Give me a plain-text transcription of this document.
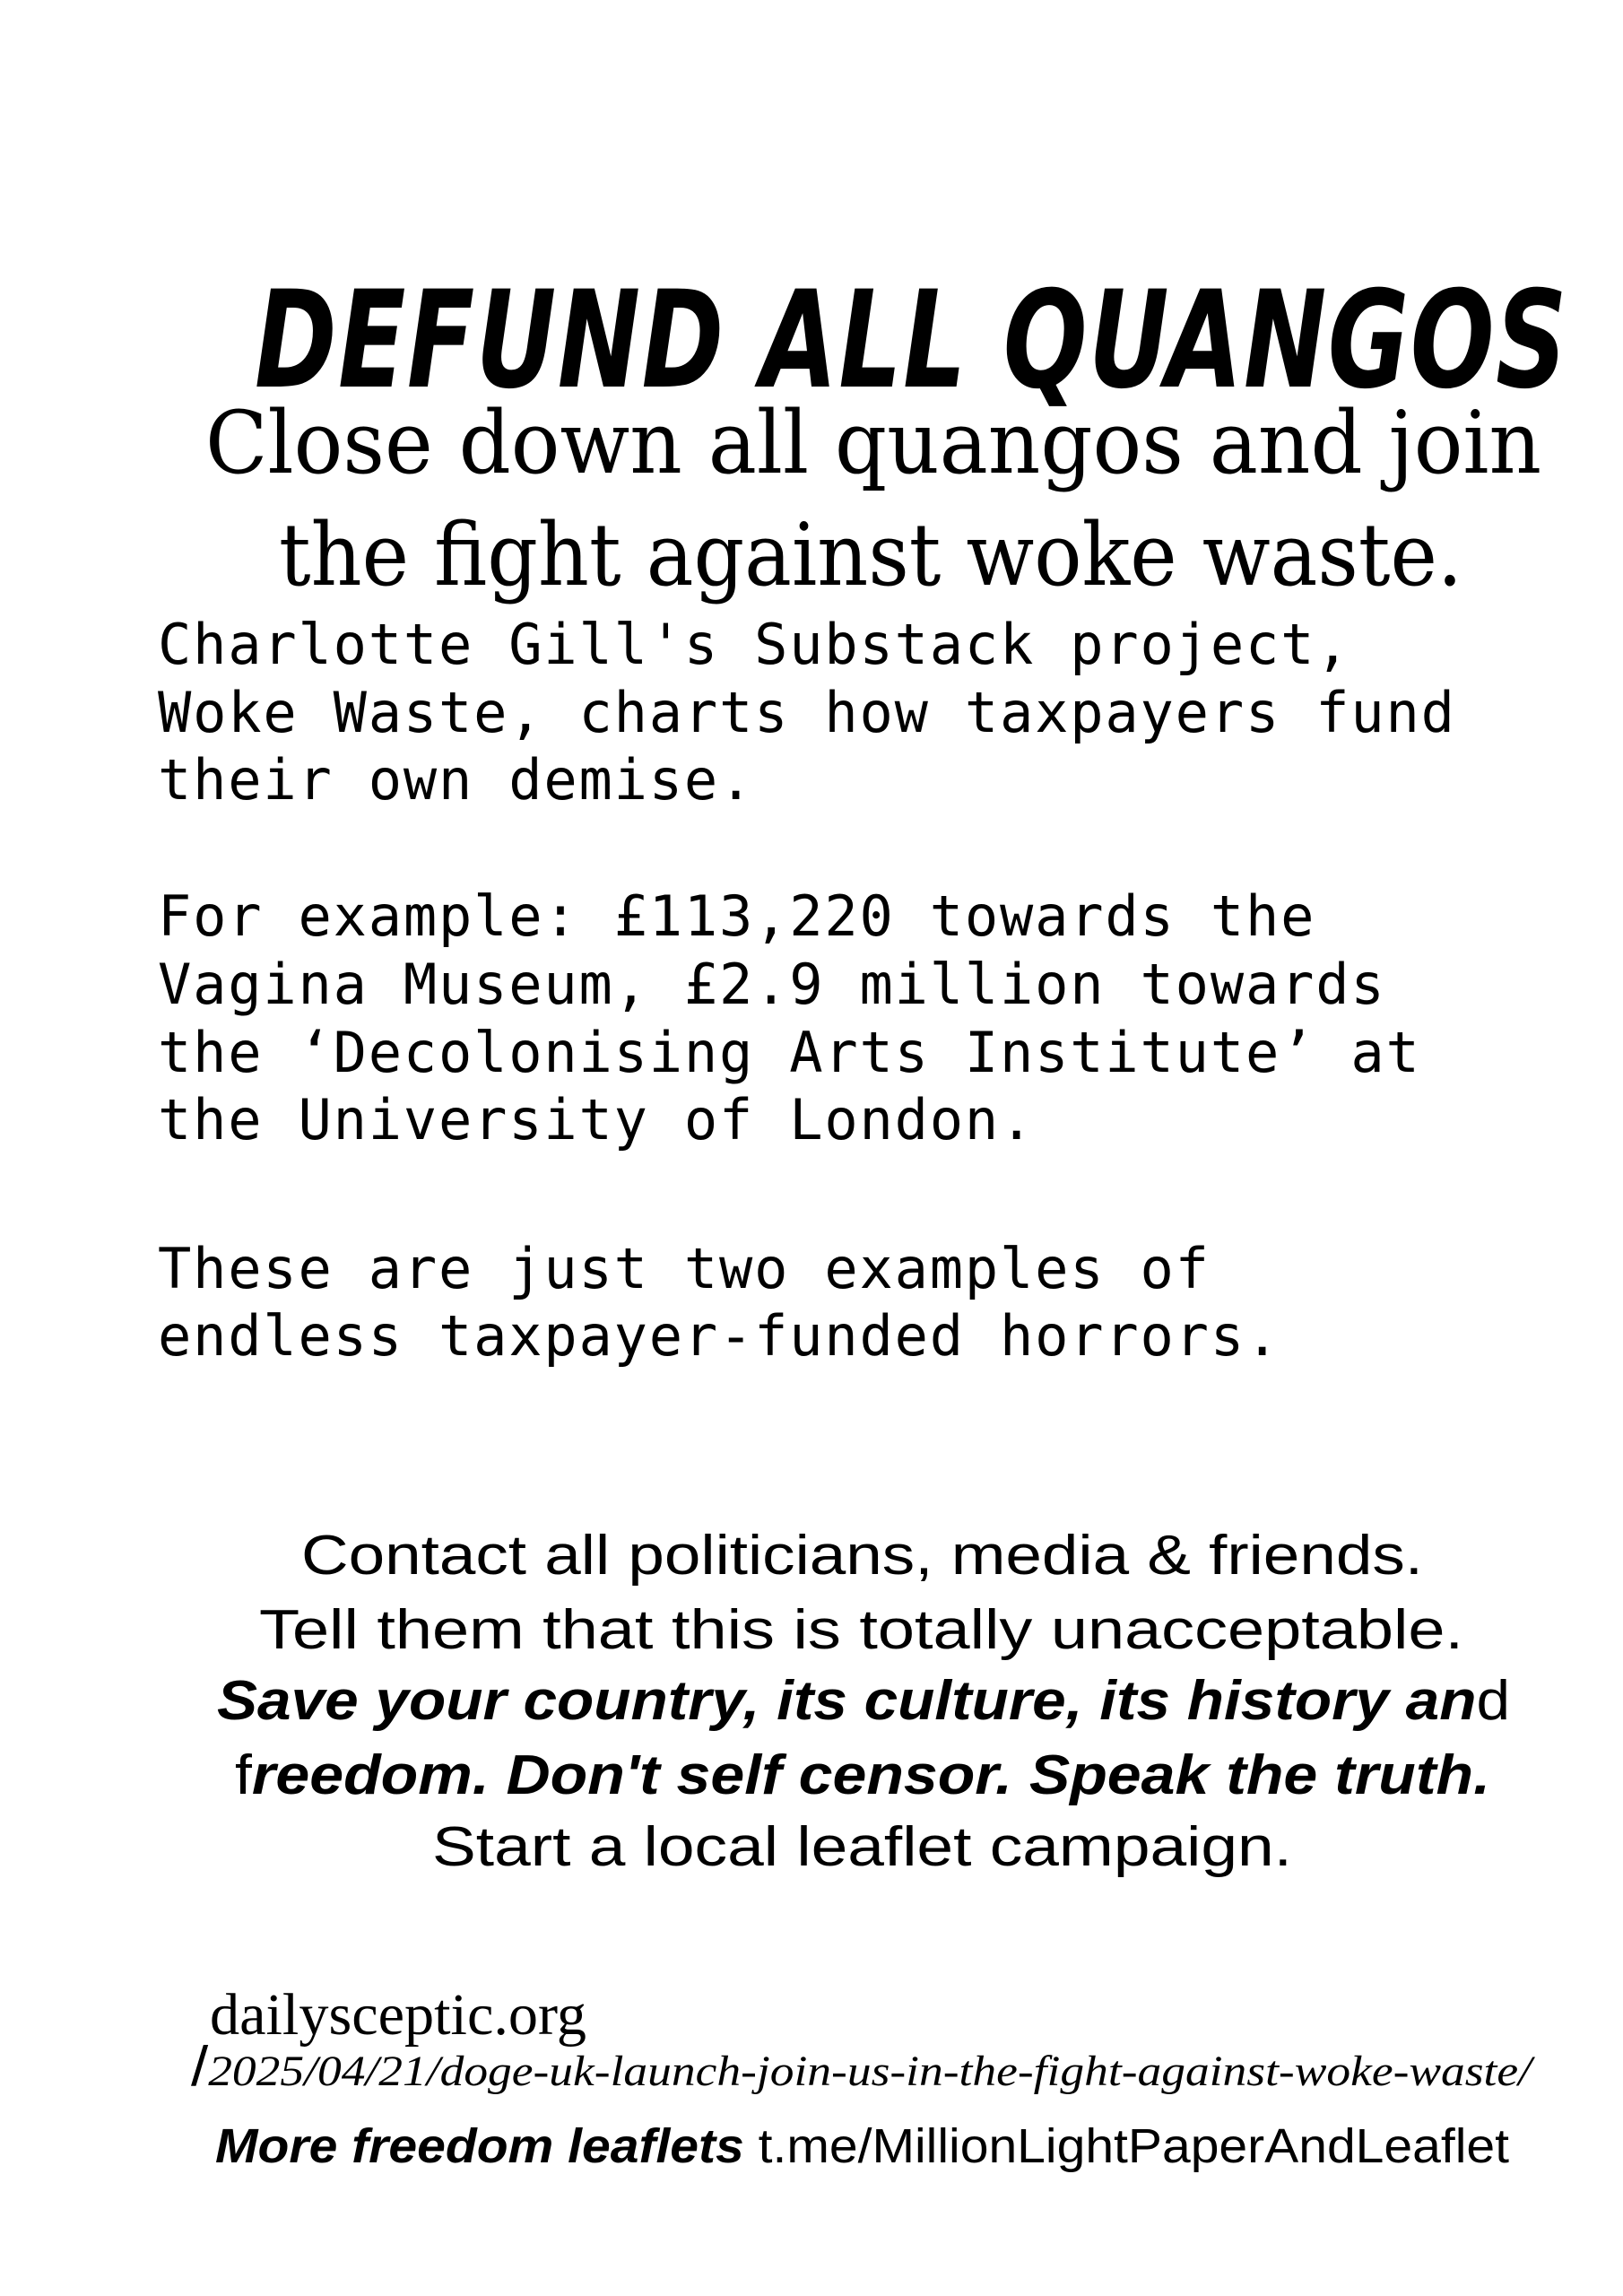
DEFUND ALL QUANGOS

Close down all quangos and join

the fight against woke waste.

Charlotte Gill's Substack project,
Woke Waste, charts how taxpayers fund
their own demise.
For example: £113,220 towards the
Vagina Museum, £2.9 million towards
the ‘Decolonising Arts Institute’ at
the University of London.
These are just two examples of
endless taxpayer-funded horrors.

Contact all politicians, media & friends.

Tell them that this is totally unacceptable.

Save your country, its culture, its history and

freedom. Don't self censor. Speak the truth.

Start a local leaflet campaign.

dailysceptic.org

/2025/04/21/doge-uk-launch-join-us-in-the-fight-against-woke-waste/

More freedom leaflets t.me/MillionLightPaperAndLeaflet
